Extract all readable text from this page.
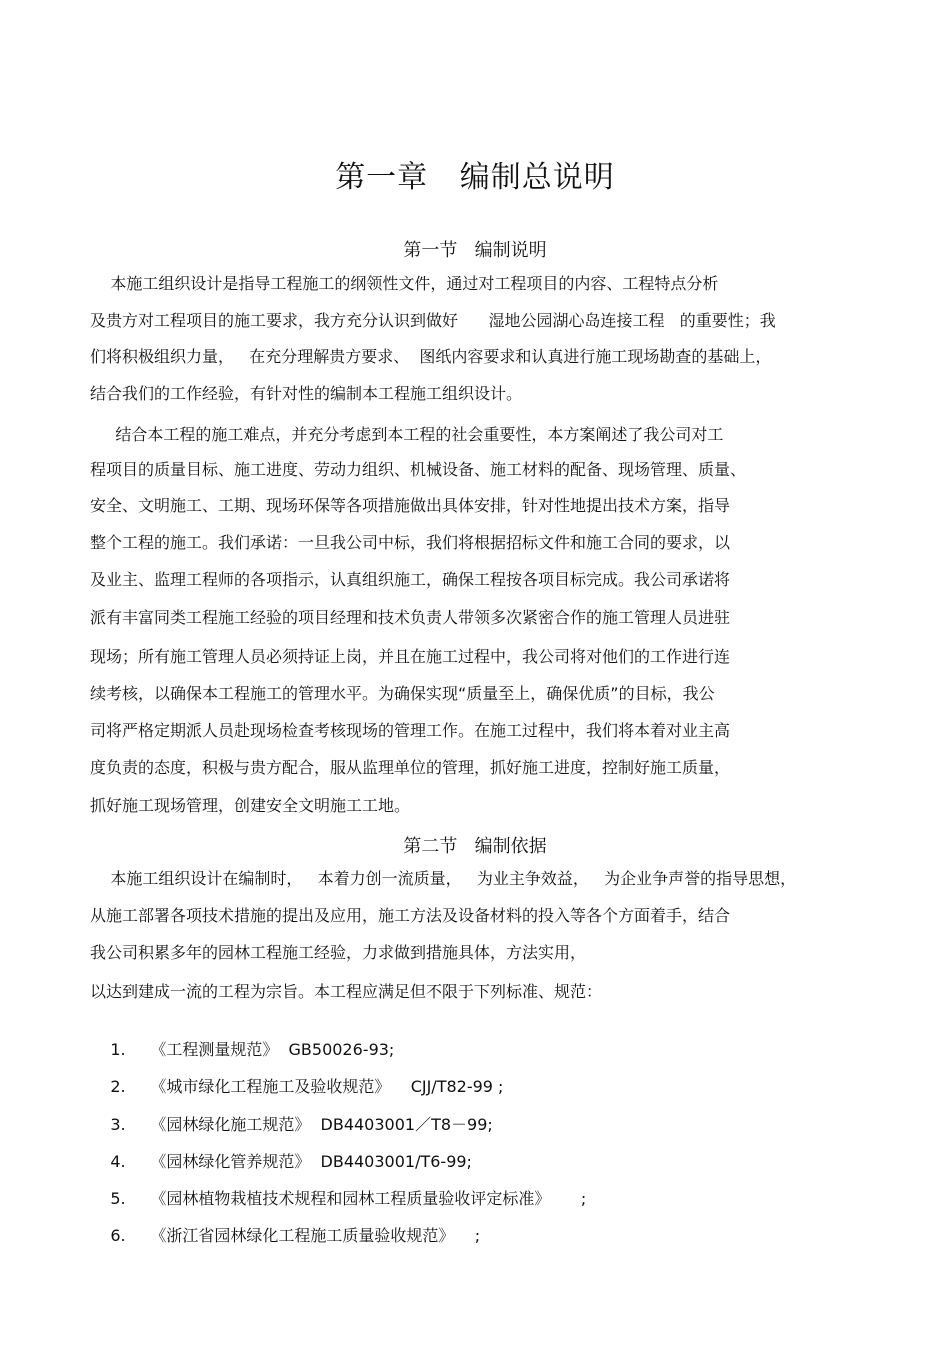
第一章   编制总说明
第一节   编制说明
本施工组织设计是指导工程施工的纲领性文件，通过对工程项目的内容、工程特点分析
及贵方对工程项目的施工要求，我方充分认识到做好      湿地公园湖心岛连接工程   的重要性；我
们将积极组织力量，   在充分理解贵方要求、  图纸内容要求和认真进行施工现场勘查的基础上，
结合我们的工作经验，有针对性的编制本工程施工组织设计。
结合本工程的施工难点，并充分考虑到本工程的社会重要性，本方案阐述了我公司对工
程项目的质量目标、施工进度、劳动力组织、机械设备、施工材料的配备、现场管理、质量、
安全、文明施工、工期、现场环保等各项措施做出具体安排，针对性地提出技术方案，指导
整个工程的施工。我们承诺：一旦我公司中标，我们将根据招标文件和施工合同的要求，以
及业主、监理工程师的各项指示，认真组织施工，确保工程按各项目标完成。我公司承诺将
派有丰富同类工程施工经验的项目经理和技术负责人带领多次紧密合作的施工管理人员进驻
现场；所有施工管理人员必须持证上岗，并且在施工过程中，我公司将对他们的工作进行连
续考核，以确保本工程施工的管理水平。为确保实现“质量至上，确保优质”的目标，我公
司将严格定期派人员赴现场检查考核现场的管理工作。在施工过程中，我们将本着对业主高
度负责的态度，积极与贵方配合，服从监理单位的管理，抓好施工进度，控制好施工质量，
抓好施工现场管理，创建安全文明施工工地。
第二节   编制依据
本施工组织设计在编制时，   本着力创一流质量，   为业主争效益，   为企业争声誉的指导思想，
从施工部署各项技术措施的提出及应用，施工方法及设备材料的投入等各个方面着手，结合
我公司积累多年的园林工程施工经验，力求做到措施具体，方法实用，
以达到建成一流的工程为宗旨。本工程应满足但不限于下列标准、规范：

1. 《工程测量规范》  GB50026-93;

2. 《城市绿化工程施工及验收规范》    CJJ/T82-99 ;

3. 《园林绿化施工规范》  DB4403001／T8－99;

4. 《园林绿化管养规范》  DB4403001/T6-99;

5. 《园林植物栽植技术规程和园林工程质量验收评定标准》      ;

6. 《浙江省园林绿化工程施工质量验收规范》    ;
